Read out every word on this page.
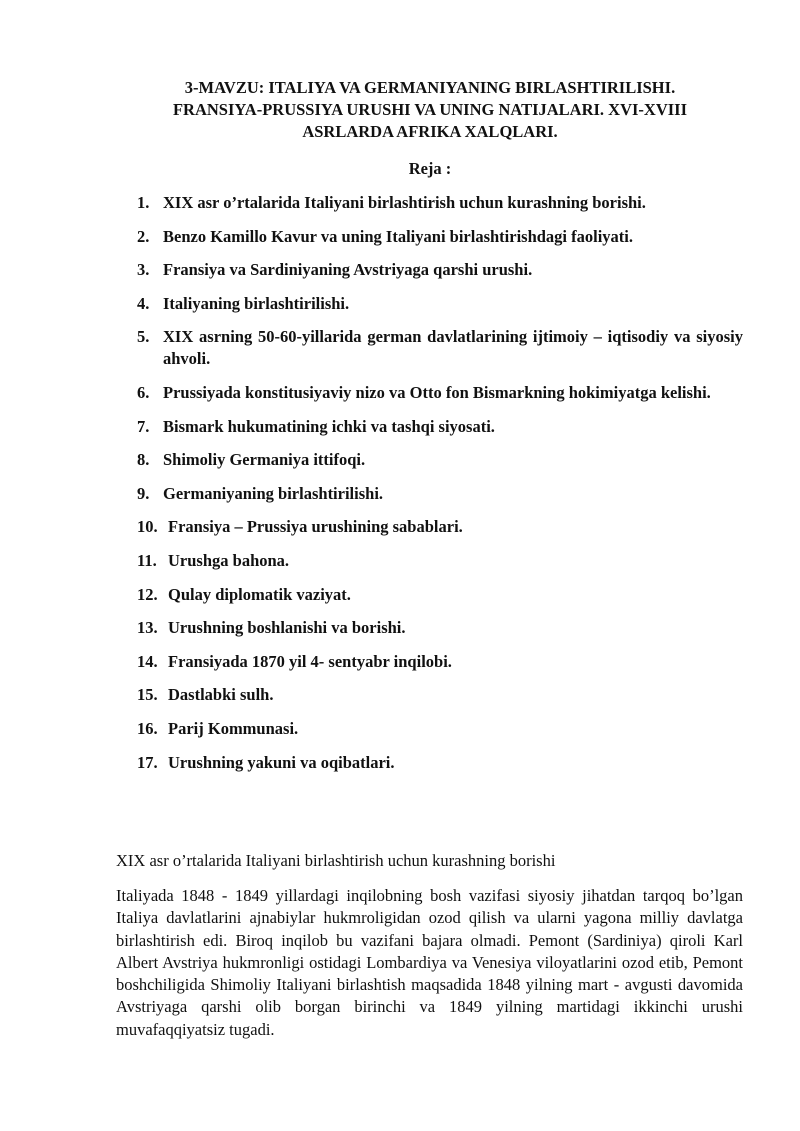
3-MAVZU: ITALIYA VA GERMANIYANING BIRLASHTIRILISHI.
FRANSIYA-PRUSSIYA URUSHI VA UNING NATIJALARI. XVI-XVIII
ASRLARDA AFRIKA XALQLARI.
Reja :
1. XIX asr o’rtalarida Italiyani birlashtirish uchun kurashning borishi.
2. Benzo Kamillo Kavur va uning Italiyani birlashtirishdagi faoliyati.
3. Fransiya va Sardiniyaning Avstriyaga qarshi urushi.
4. Italiyaning birlashtirilishi.
5. XIX asrning 50-60-yillarida german davlatlarining ijtimoiy – iqtisodiy va siyosiy ahvoli.
6. Prussiyada konstitusiyaviy nizo va Otto fon Bismarkning hokimiyatga kelishi.
7. Bismark hukumatining ichki va tashqi siyosati.
8. Shimoliy Germaniya ittifoqi.
9. Germaniyaning birlashtirilishi.
10. Fransiya – Prussiya urushining sabablari.
11. Urushga bahona.
12. Qulay diplomatik vaziyat.
13. Urushning boshlanishi va borishi.
14. Fransiyada 1870 yil 4- sentyabr inqilobi.
15. Dastlabki sulh.
16. Parij Kommunasi.
17. Urushning yakuni va oqibatlari.
XIX asr o’rtalarida Italiyani birlashtirish uchun kurashning borishi

Italiyada 1848 - 1849 yillardagi inqilobning bosh vazifasi siyosiy jihatdan tarqoq bo’lgan Italiya davlatlarini ajnabiylar hukmroligidan ozod qilish va ularni yagona milliy davlatga birlashtirish edi. Biroq inqilob bu vazifani bajara olmadi. Pemont (Sardiniya) qiroli Karl Albert Avstriya hukmronligi ostidagi Lombardiya va Venesiya viloyatlarini ozod etib, Pemont boshchiligida Shimoliy Italiyani birlashtish maqsadida 1848 yilning mart - avgusti davomida Avstriyaga qarshi olib borgan birinchi va 1849 yilning martidagi ikkinchi urushi muvafaqqiyatsiz tugadi.
